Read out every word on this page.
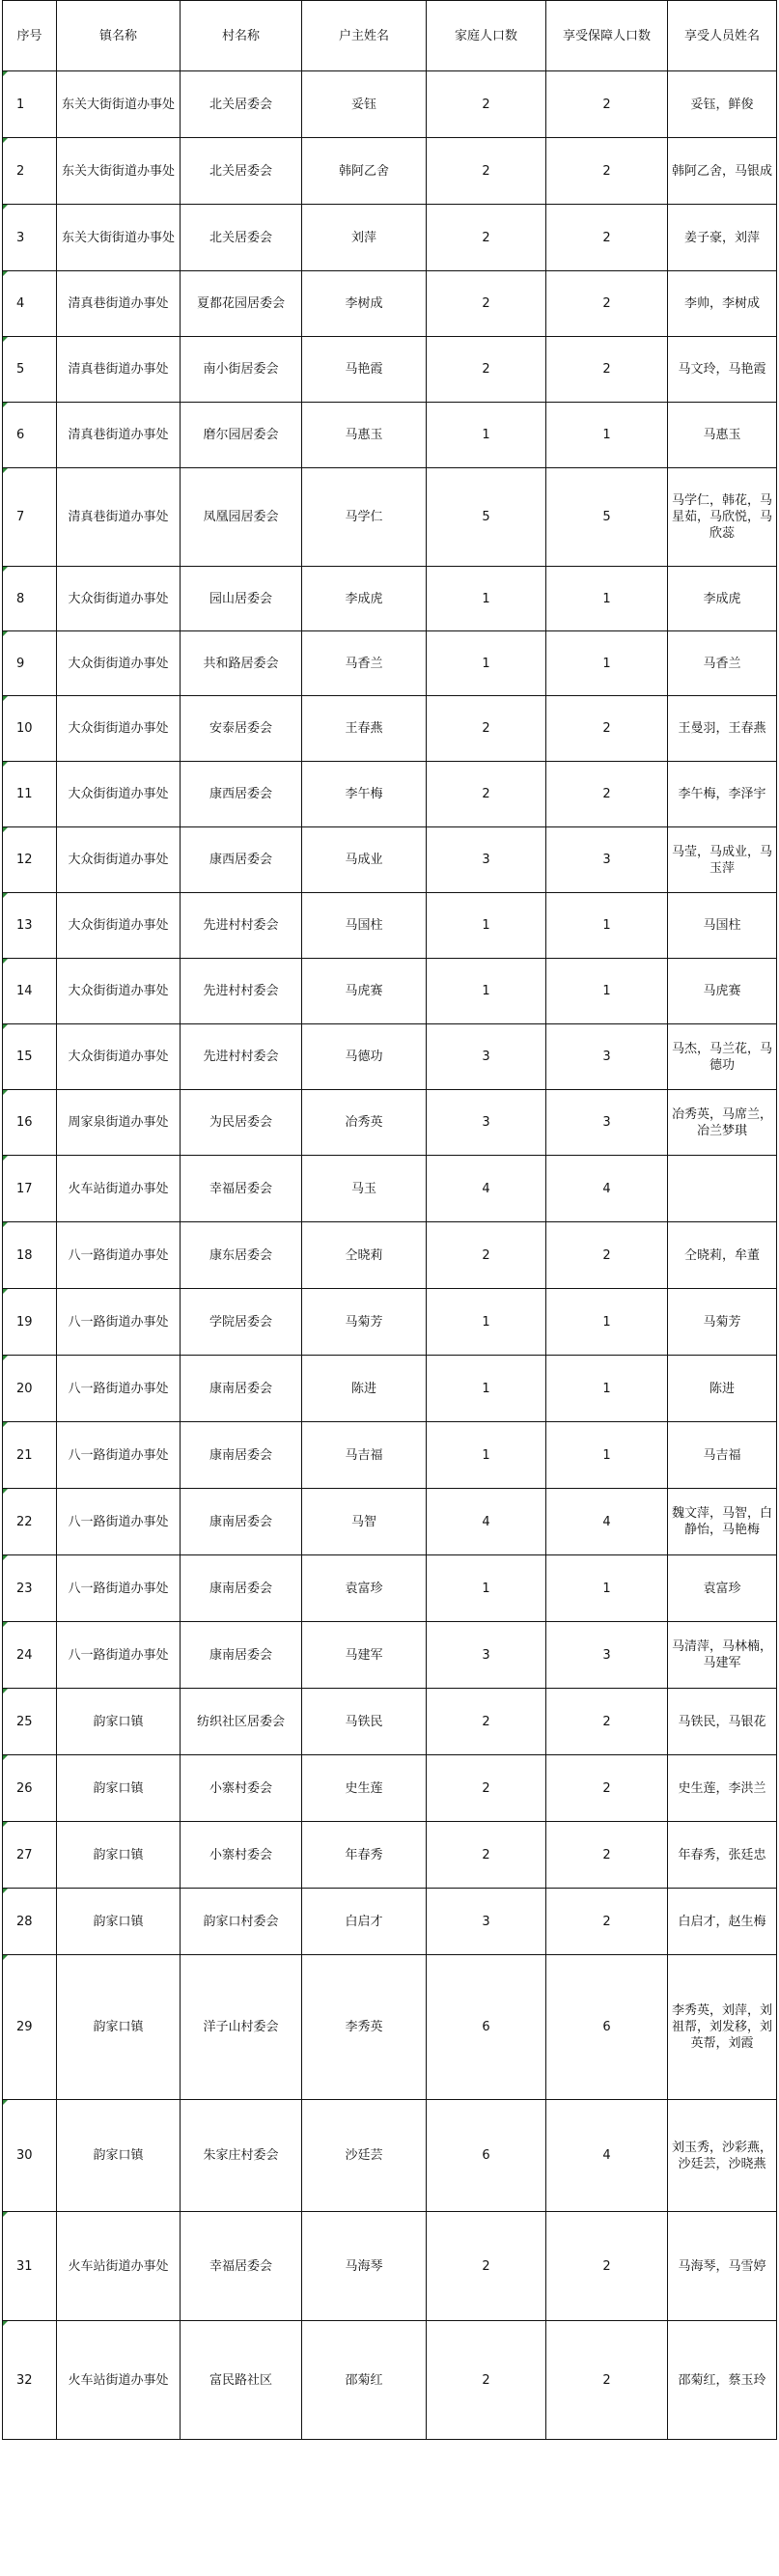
序号	镇名称	村名称	户主姓名	家庭人口数	享受保障人口数	享受人员姓名

1	东关大街街道办事处	北关居委会	妥钰	2	2	妥钰，鲜俊

2	东关大街街道办事处	北关居委会	韩阿乙舍	2	2	韩阿乙舍，马银成

3	东关大街街道办事处	北关居委会	刘萍	2	2	姜子豪，刘萍

4	清真巷街道办事处	夏都花园居委会	李树成	2	2	李帅，李树成

5	清真巷街道办事处	南小街居委会	马艳霞	2	2	马文玲，马艳霞

6	清真巷街道办事处	磨尔园居委会	马惠玉	1	1	马惠玉

7	清真巷街道办事处	凤凰园居委会	马学仁	5	5	马学仁，韩花，马星茹，马欣悦，马欣蕊

8	大众街街道办事处	园山居委会	李成虎	1	1	李成虎

9	大众街街道办事处	共和路居委会	马香兰	1	1	马香兰

10	大众街街道办事处	安泰居委会	王春燕	2	2	王曼羽，王春燕

11	大众街街道办事处	康西居委会	李午梅	2	2	李午梅，李泽宇

12	大众街街道办事处	康西居委会	马成业	3	3	马莹，马成业，马玉萍

13	大众街街道办事处	先进村村委会	马国柱	1	1	马国柱

14	大众街街道办事处	先进村村委会	马虎赛	1	1	马虎赛

15	大众街街道办事处	先进村村委会	马德功	3	3	马杰，马兰花，马德功

16	周家泉街道办事处	为民居委会	冶秀英	3	3	冶秀英，马席兰，冶兰梦琪

17	火车站街道办事处	幸福居委会	马玉	4	4	

18	八一路街道办事处	康东居委会	仝晓莉	2	2	仝晓莉，牟董

19	八一路街道办事处	学院居委会	马菊芳	1	1	马菊芳

20	八一路街道办事处	康南居委会	陈进	1	1	陈进

21	八一路街道办事处	康南居委会	马吉福	1	1	马吉福

22	八一路街道办事处	康南居委会	马智	4	4	魏文萍，马智，白静怡，马艳梅

23	八一路街道办事处	康南居委会	袁富珍	1	1	袁富珍

24	八一路街道办事处	康南居委会	马建军	3	3	马清萍，马林楠，马建军

25	韵家口镇	纺织社区居委会	马铁民	2	2	马铁民，马银花

26	韵家口镇	小寨村委会	史生莲	2	2	史生莲，李洪兰

27	韵家口镇	小寨村委会	年春秀	2	2	年春秀，张廷忠

28	韵家口镇	韵家口村委会	白启才	3	2	白启才，赵生梅

29	韵家口镇	洋子山村委会	李秀英	6	6	李秀英，刘萍，刘祖帮，刘发移，刘英帮，刘霞

30	韵家口镇	朱家庄村委会	沙廷芸	6	4	刘玉秀，沙彩燕，沙廷芸，沙晓燕

31	火车站街道办事处	幸福居委会	马海琴	2	2	马海琴，马雪婷

32	火车站街道办事处	富民路社区	邵菊红	2	2	邵菊红，蔡玉玲
